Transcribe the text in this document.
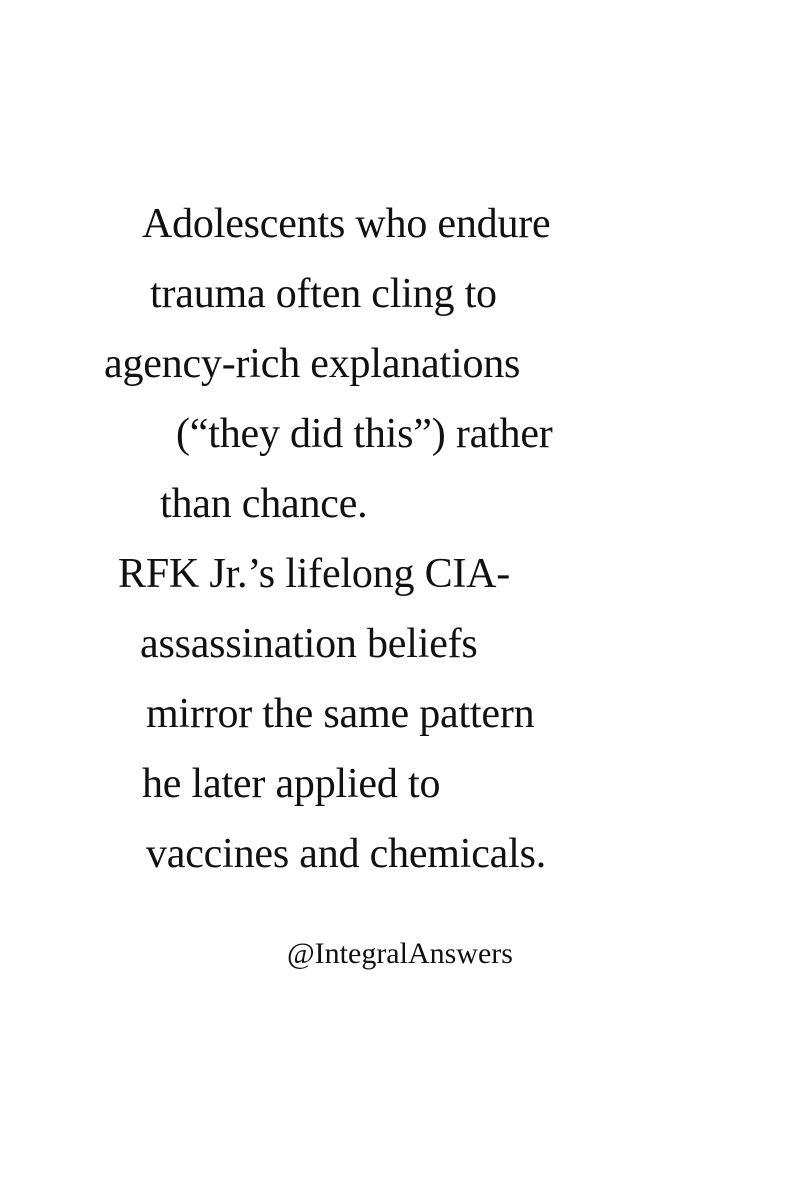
Adolescents who endure
trauma often cling to
agency-rich explanations
(“they did this”) rather
than chance.
RFK Jr.’s lifelong CIA-
assassination beliefs
mirror the same pattern
he later applied to
vaccines and chemicals.
@IntegralAnswers
